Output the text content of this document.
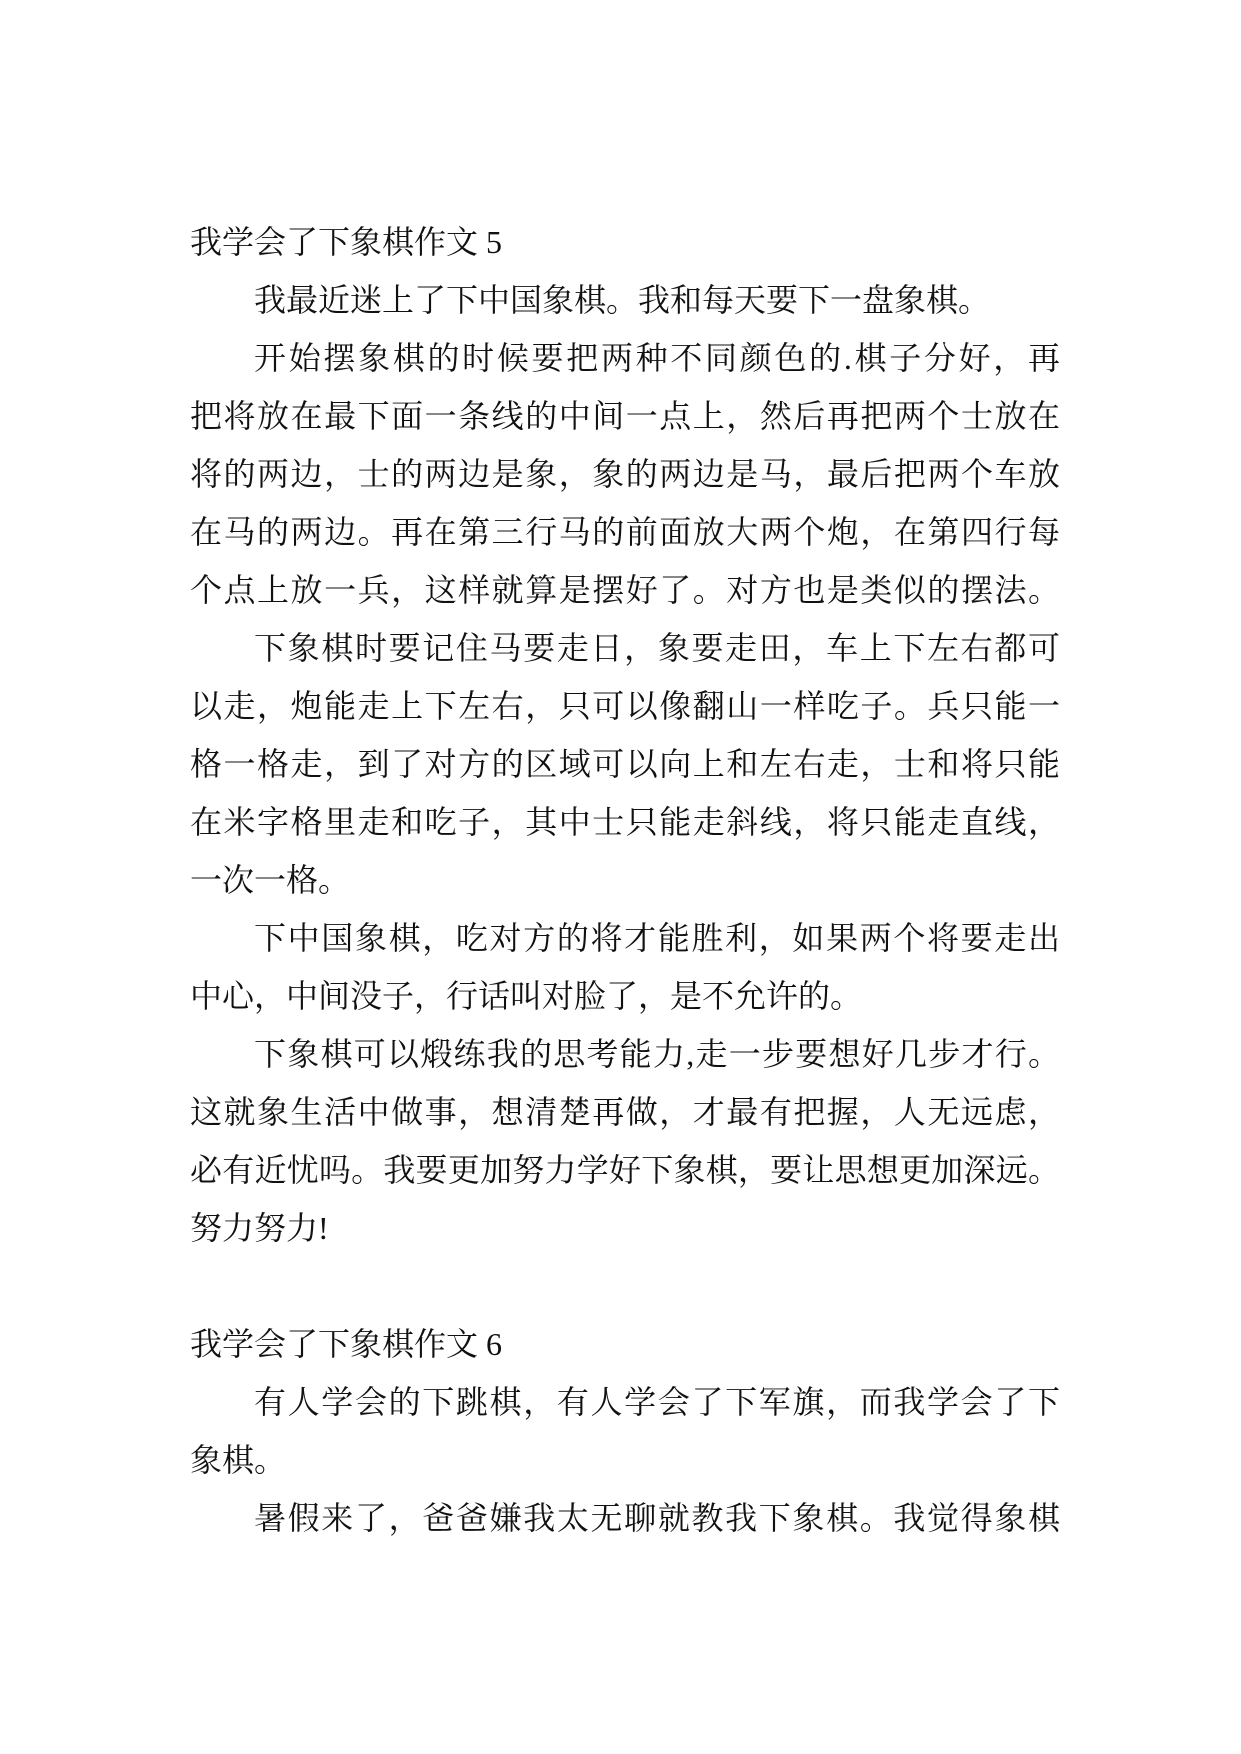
我学会了下象棋作文 5
我最近迷上了下中国象棋。我和每天要下一盘象棋。
开始摆象棋的时候要把两种不同颜色的.棋子分好，再
把将放在最下面一条线的中间一点上，然后再把两个士放在
将的两边，士的两边是象，象的两边是马，最后把两个车放
在马的两边。再在第三行马的前面放大两个炮，在第四行每
个点上放一兵，这样就算是摆好了。对方也是类似的摆法。
下象棋时要记住马要走日，象要走田，车上下左右都可
以走，炮能走上下左右，只可以像翻山一样吃子。兵只能一
格一格走，到了对方的区域可以向上和左右走，士和将只能
在米字格里走和吃子，其中士只能走斜线，将只能走直线，
一次一格。
下中国象棋，吃对方的将才能胜利，如果两个将要走出
中心，中间没子，行话叫对脸了，是不允许的。
下象棋可以煅练我的思考能力,走一步要想好几步才行。
这就象生活中做事，想清楚再做，才最有把握，人无远虑，
必有近忧吗。我要更加努力学好下象棋，要让思想更加深远。
努力努力!
我学会了下象棋作文 6
有人学会的下跳棋，有人学会了下军旗，而我学会了下
象棋。
暑假来了，爸爸嫌我太无聊就教我下象棋。我觉得象棋
